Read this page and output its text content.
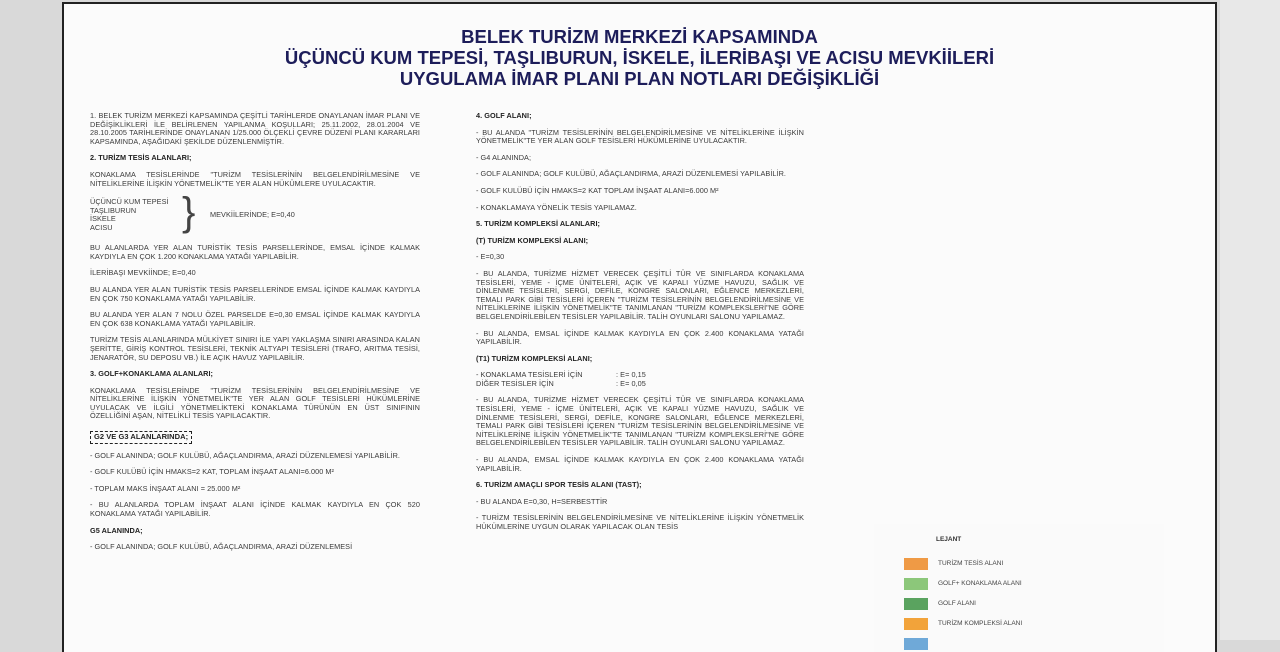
BELEK TURİZM MERKEZİ KAPSAMINDA
ÜÇÜNCÜ KUM TEPESİ, TAŞLIBURUN, İSKELE, İLERİBAŞI VE ACISU MEVKİİLERİ
UYGULAMA İMAR PLANI PLAN NOTLARI DEĞİŞİKLİĞİ

1. BELEK TURİZM MERKEZİ KAPSAMINDA ÇEŞİTLİ TARİHLERDE ONAYLANAN İMAR PLANI VE DEĞİŞİKLİKLERİ İLE BELİRLENEN YAPILANMA KOŞULLARI; 25.11.2002, 28.01.2004 VE 28.10.2005 TARİHLERİNDE ONAYLANAN 1/25.000 ÖLÇEKLİ ÇEVRE DÜZENİ PLANI KARARLARI KAPSAMINDA, AŞAĞIDAKİ ŞEKİLDE DÜZENLENMİŞTİR.

2. TURİZM TESİS ALANLARI;

KONAKLAMA TESİSLERİNDE "TURİZM TESİSLERİNİN BELGELENDİRİLMESİNE VE NİTELİKLERİNE İLİŞKİN YÖNETMELİK"TE YER ALAN HÜKÜMLERE UYULACAKTIR.

ÜÇÜNCÜ KUM TEPESİ
TAŞLIBURUN
İSKELE
ACISU	} MEVKİİLERİNDE; E=0,40

BU ALANLARDA YER ALAN TURİSTİK TESİS PARSELLERİNDE, EMSAL İÇİNDE KALMAK KAYDIYLA EN ÇOK 1.200 KONAKLAMA YATAĞI YAPILABİLİR.

İLERİBAŞI MEVKİİNDE; E=0,40

BU ALANDA YER ALAN TURİSTİK TESİS PARSELLERİNDE EMSAL İÇİNDE KALMAK KAYDIYLA EN ÇOK 750 KONAKLAMA YATAĞI YAPILABİLİR.

BU ALANDA YER ALAN 7 NOLU ÖZEL PARSELDE E=0,30 EMSAL İÇİNDE KALMAK KAYDIYLA EN ÇOK 638 KONAKLAMA YATAĞI YAPILABİLİR.

TURİZM TESİS ALANLARINDA MÜLKİYET SINIRI İLE YAPI YAKLAŞMA SINIRI ARASINDA KALAN ŞERİTTE, GİRİŞ KONTROL TESİSLERİ, TEKNİK ALTYAPI TESİSLERİ (TRAFO, ARITMA TESİSİ, JENARATÖR, SU DEPOSU VB.) İLE AÇIK HAVUZ YAPILABİLİR.

3. GOLF+KONAKLAMA ALANLARI;

KONAKLAMA TESİSLERİNDE "TURİZM TESİSLERİNİN BELGELENDİRİLMESİNE VE NİTELİKLERİNE İLİŞKİN YÖNETMELİK"TE YER ALAN GOLF TESİSLERİ HÜKÜMLERİNE UYULACAK VE İLGİLİ YÖNETMELİKTEKİ KONAKLAMA TÜRÜNÜN EN ÜST SINIFININ ÖZELLİĞİNİ AŞAN, NİTELİKLİ TESİS YAPILACAKTIR.

G2 VE G3 ALANLARINDA;

- GOLF ALANINDA; GOLF KULÜBÜ, AĞAÇLANDIRMA, ARAZİ DÜZENLEMESİ YAPILABİLİR.

- GOLF KULÜBÜ İÇİN HMAKS=2 KAT, TOPLAM İNŞAAT ALANI=6.000 M²

- TOPLAM MAKS İNŞAAT ALANI = 25.000 M²

- BU ALANLARDA TOPLAM İNŞAAT ALANI İÇİNDE KALMAK KAYDIYLA EN ÇOK 520 KONAKLAMA YATAĞI YAPILABİLİR.

G5 ALANINDA;

- GOLF ALANINDA; GOLF KULÜBÜ, AĞAÇLANDIRMA, ARAZİ DÜZENLEMESİ

4. GOLF ALANI;

- BU ALANDA "TURİZM TESİSLERİNİN BELGELENDİRİLMESİNE VE NİTELİKLERİNE İLİŞKİN YÖNETMELİK"TE YER ALAN GOLF TESİSLERİ HÜKÜMLERİNE UYULACAKTIR.

- G4 ALANINDA;

- GOLF ALANINDA; GOLF KULÜBÜ, AĞAÇLANDIRMA, ARAZİ DÜZENLEMESİ YAPILABİLİR.

- GOLF KULÜBÜ İÇİN HMAKS=2 KAT TOPLAM İNŞAAT ALANI=6.000 M²

- KONAKLAMAYA YÖNELİK TESİS YAPILAMAZ.

5. TURİZM KOMPLEKSİ ALANLARI;

(T) TURİZM KOMPLEKSİ ALANI;

- E=0,30

- BU ALANDA, TURİZME HİZMET VERECEK ÇEŞİTLİ TÜR VE SINIFLARDA KONAKLAMA TESİSLERİ, YEME - İÇME ÜNİTELERİ, AÇIK VE KAPALI YÜZME HAVUZU, SAĞLIK VE DİNLENME TESİSLERİ, SERGİ, DEFİLE, KONGRE SALONLARI, EĞLENCE MERKEZLERİ, TEMALI PARK GİBİ TESİSLERİ İÇEREN "TURİZM TESİSLERİNİN BELGELENDİRİLMESİNE VE NİTELİKLERİNE İLİŞKİN YÖNETMELİK"TE TANIMLANAN "TURİZM KOMPLEKSLERİ"NE GÖRE BELGELENDİRİLEBİLEN TESİSLER YAPILABİLİR. TALİH OYUNLARI SALONU YAPILAMAZ.

- BU ALANDA, EMSAL İÇİNDE KALMAK KAYDIYLA EN ÇOK 2.400 KONAKLAMA YATAĞI YAPILABİLİR.

(T1) TURİZM KOMPLEKSİ ALANI;

- KONAKLAMA TESİSLERİ İÇİN	: E= 0,15
DİĞER TESİSLER İÇİN	: E= 0,05

- BU ALANDA, TURİZME HİZMET VERECEK ÇEŞİTLİ TÜR VE SINIFLARDA KONAKLAMA TESİSLERİ, YEME - İÇME ÜNİTELERİ, AÇIK VE KAPALI YÜZME HAVUZU, SAĞLIK VE DİNLENME TESİSLERİ, SERGİ, DEFİLE, KONGRE SALONLARI, EĞLENCE MERKEZLERİ, TEMALI PARK GİBİ TESİSLERİ İÇEREN "TURİZM TESİSLERİNİN BELGELENDİRİLMESİNE VE NİTELİKLERİNE İLİŞKİN YÖNETMELİK"TE TANIMLANAN "TURİZM KOMPLEKSLERİ"NE GÖRE BELGELENDİRİLEBİLEN TESİSLER YAPILABİLİR. TALİH OYUNLARI SALONU YAPILAMAZ.

- BU ALANDA, EMSAL İÇİNDE KALMAK KAYDIYLA EN ÇOK 2.400 KONAKLAMA YATAĞI YAPILABİLİR.

6. TURİZM AMAÇLI SPOR TESİS ALANI (TAST);

- BU ALANDA E=0,30, H=SERBESTTİR

- TURİZM TESİSLERİNİN BELGELENDİRİLMESİNE VE NİTELİKLERİNE İLİŞKİN YÖNETMELİK HÜKÜMLERİNE UYGUN OLARAK YAPILACAK OLAN TESİS

LEJANT
TURİZM TESİS ALANI
GOLF+ KONAKLAMA ALANI
GOLF ALANI
TURİZM KOMPLEKSİ ALANI
